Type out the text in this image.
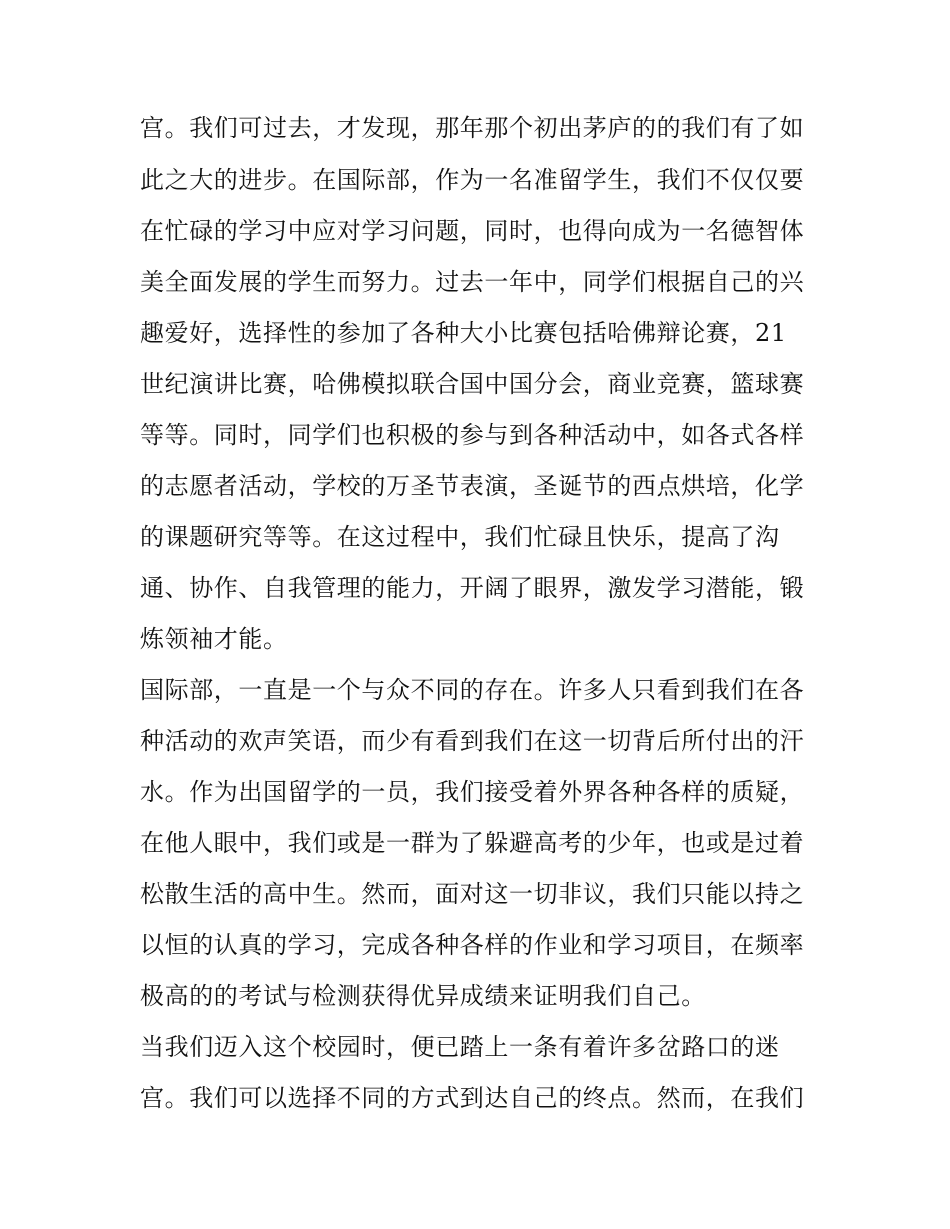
宫。我们可过去，才发现，那年那个初出茅庐的的我们有了如
此之大的进步。在国际部，作为一名准留学生，我们不仅仅要
在忙碌的学习中应对学习问题，同时，也得向成为一名德智体
美全面发展的学生而努力。过去一年中，同学们根据自己的兴
趣爱好，选择性的参加了各种大小比赛包括哈佛辩论赛，21
世纪演讲比赛，哈佛模拟联合国中国分会，商业竞赛，篮球赛
等等。同时，同学们也积极的参与到各种活动中，如各式各样
的志愿者活动，学校的万圣节表演，圣诞节的西点烘培，化学
的课题研究等等。在这过程中，我们忙碌且快乐，提高了沟
通、协作、自我管理的能力，开阔了眼界，激发学习潜能，锻
炼领袖才能。
国际部，一直是一个与众不同的存在。许多人只看到我们在各
种活动的欢声笑语，而少有看到我们在这一切背后所付出的汗
水。作为出国留学的一员，我们接受着外界各种各样的质疑，
在他人眼中，我们或是一群为了躲避高考的少年，也或是过着
松散生活的高中生。然而，面对这一切非议，我们只能以持之
以恒的认真的学习，完成各种各样的作业和学习项目，在频率
极高的的考试与检测获得优异成绩来证明我们自己。
当我们迈入这个校园时，便已踏上一条有着许多岔路口的迷
宫。我们可以选择不同的方式到达自己的终点。然而，在我们
